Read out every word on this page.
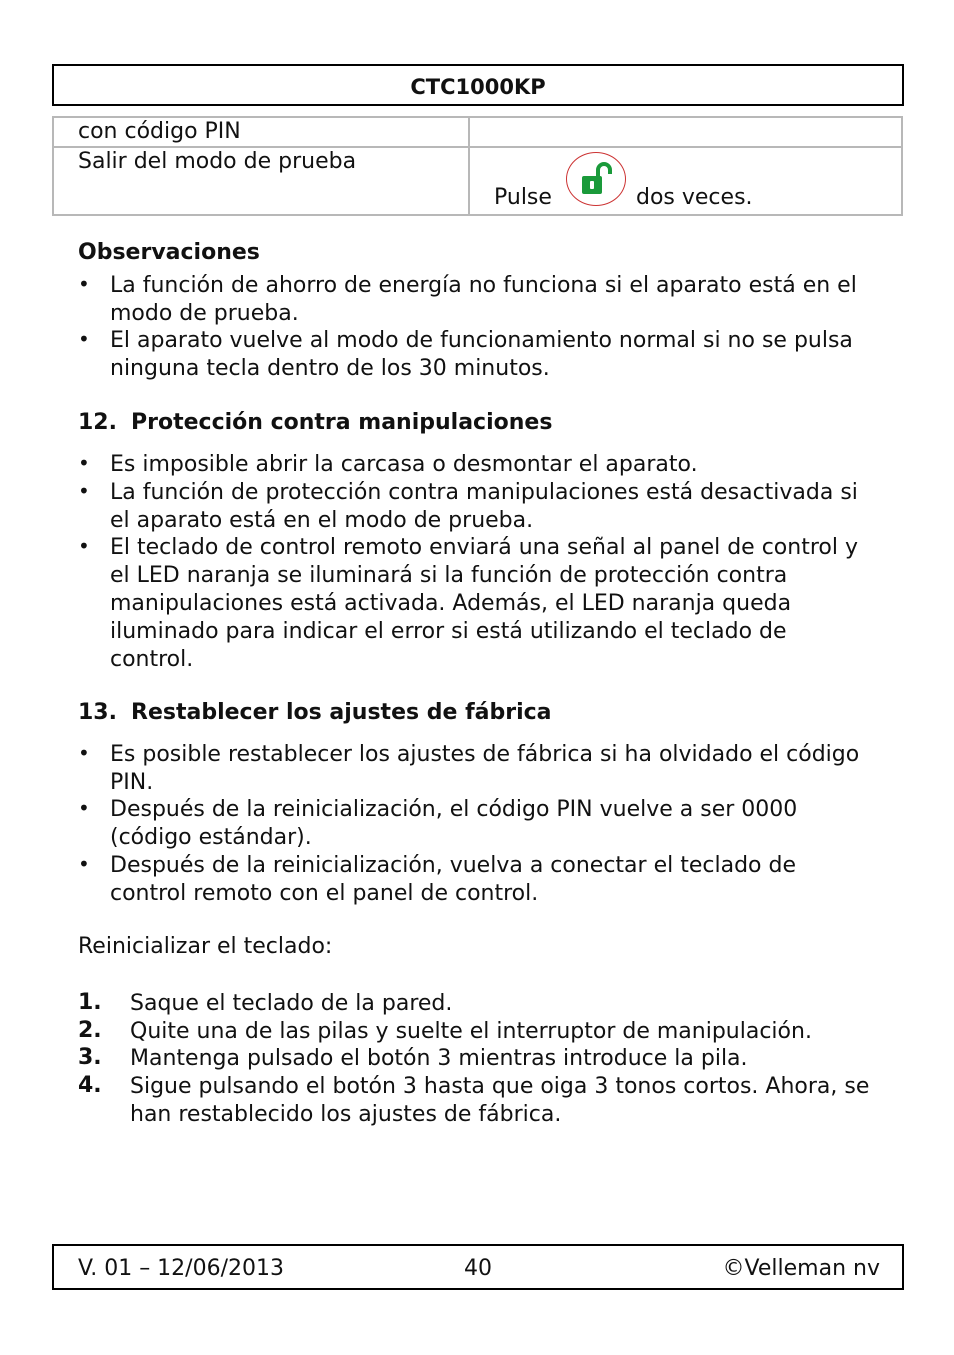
CTC1000KP
con código PIN	
Salir del modo de prueba	Pulse dos veces.
Observaciones
• La función de ahorro de energía no funciona si el aparato está en el modo de prueba.
• El aparato vuelve al modo de funcionamiento normal si no se pulsa ninguna tecla dentro de los 30 minutos.
12. Protección contra manipulaciones
• Es imposible abrir la carcasa o desmontar el aparato.
• La función de protección contra manipulaciones está desactivada si el aparato está en el modo de prueba.
• El teclado de control remoto enviará una señal al panel de control y el LED naranja se iluminará si la función de protección contra manipulaciones está activada. Además, el LED naranja queda iluminado para indicar el error si está utilizando el teclado de control.
13. Restablecer los ajustes de fábrica
• Es posible restablecer los ajustes de fábrica si ha olvidado el código PIN.
• Después de la reinicialización, el código PIN vuelve a ser 0000 (código estándar).
• Después de la reinicialización, vuelva a conectar el teclado de control remoto con el panel de control.
Reinicializar el teclado:
1. Saque el teclado de la pared.
2. Quite una de las pilas y suelte el interruptor de manipulación.
3. Mantenga pulsado el botón 3 mientras introduce la pila.
4. Sigue pulsando el botón 3 hasta que oiga 3 tonos cortos. Ahora, se han restablecido los ajustes de fábrica.
V. 01 – 12/06/2013	40	©Velleman nv
